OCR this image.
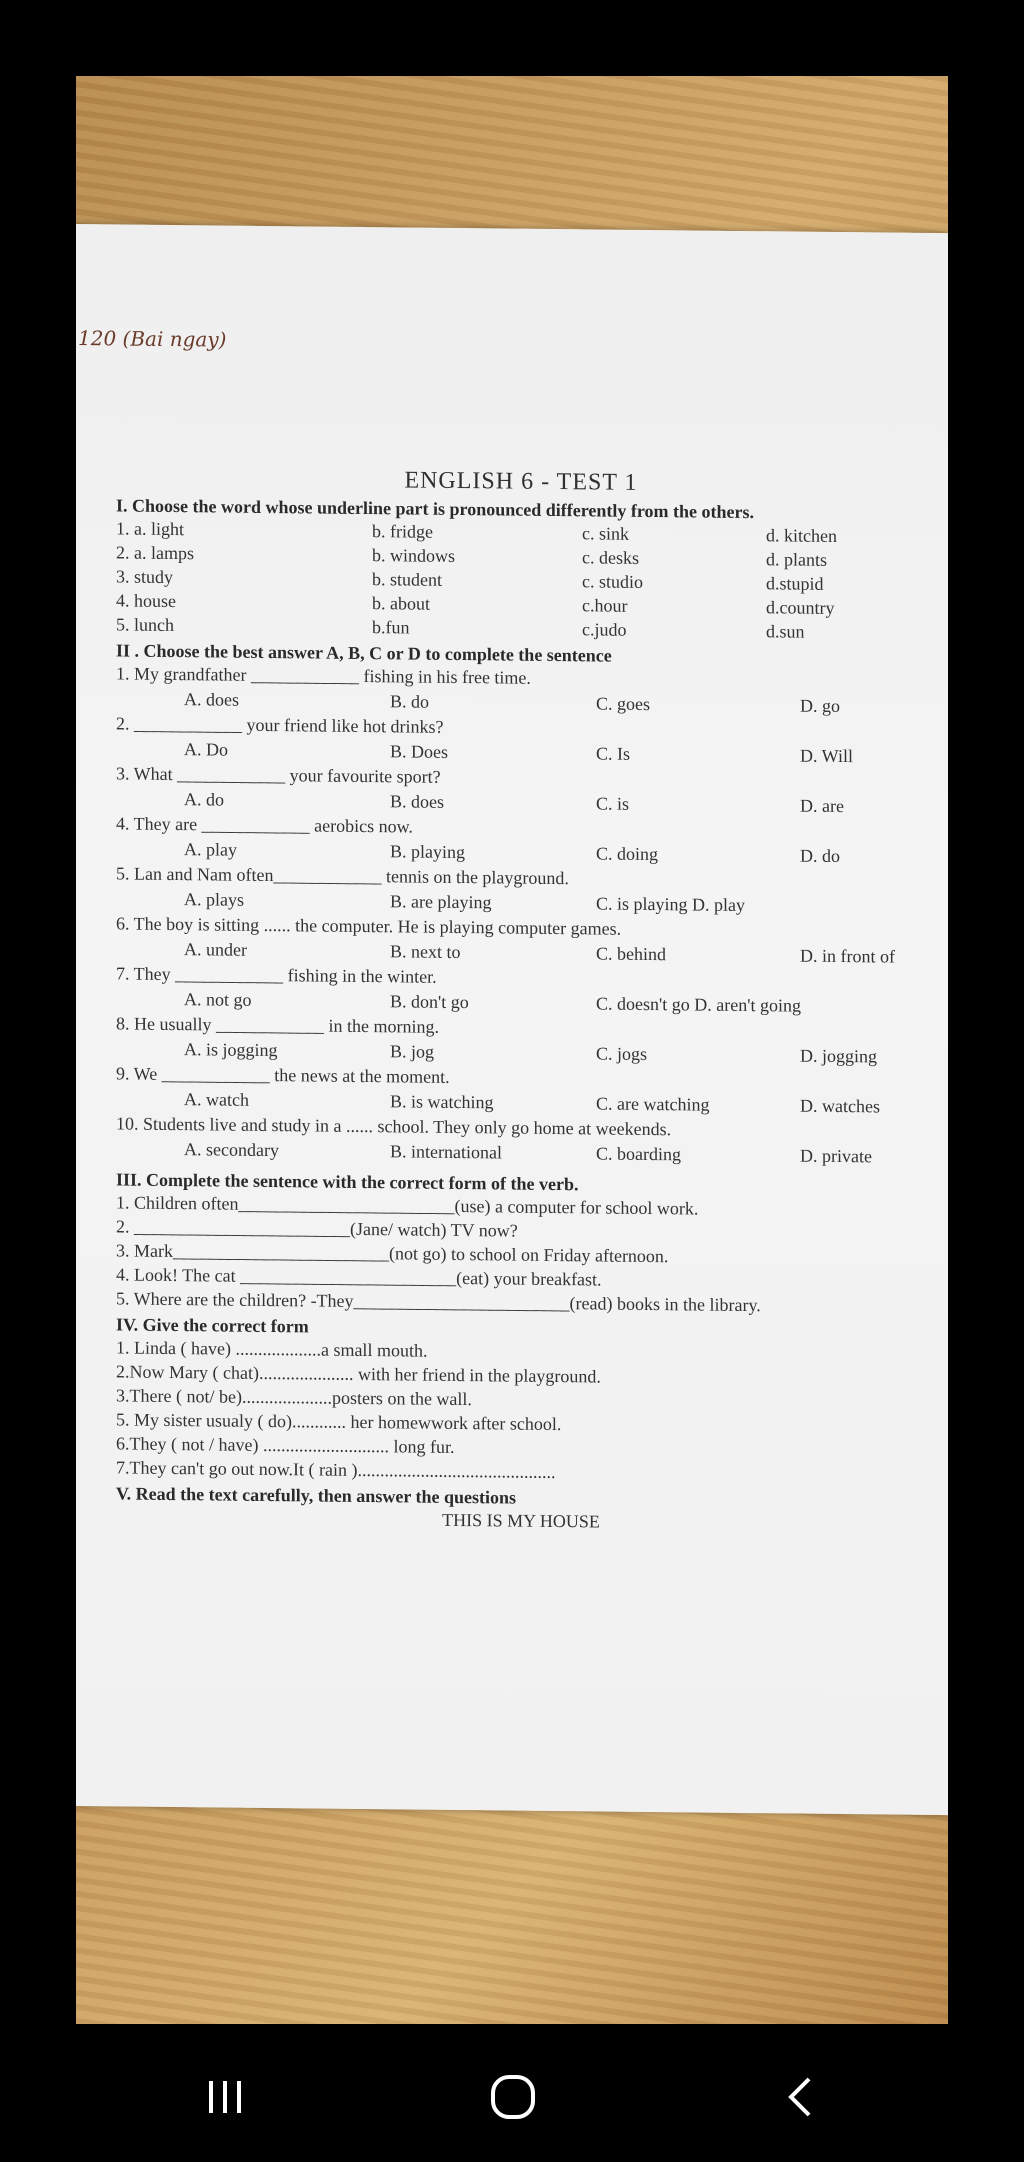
120 (Bai ngay)
ENGLISH 6 - TEST 1
I. Choose the word whose underline part is pronounced differently from the others.
1. a. light	b. fridge	c. sink	d. kitchen
2. a. lamps	b. windows	c. desks	d. plants
3. study	b. student	c. studio	d.stupid
4. house	b. about	c.hour	d.country
5. lunch	b.fun	c.judo	d.sun
II . Choose the best answer A, B, C or D to complete the sentence
1. My grandfather ____________ fishing in his free time.
A. does	B. do	C. goes	D. go
2. ____________ your friend like hot drinks?
A. Do	B. Does	C. Is	D. Will
3. What ____________ your favourite sport?
A. do	B. does	C. is	D. are
4. They are ____________ aerobics now.
A. play	B. playing	C. doing	D. do
5. Lan and Nam often____________ tennis on the playground.
A. plays	B. are playing	C. is playing D. play
6. The boy is sitting ...... the computer. He is playing computer games.
A. under	B. next to	C. behind	D. in front of
7. They ____________ fishing in the winter.
A. not go	B. don't go	C. doesn't go D. aren't going
8. He usually ____________ in the morning.
A. is jogging	B. jog	C. jogs	D. jogging
9. We ____________ the news at the moment.
A. watch	B. is watching	C. are watching	D. watches
10. Students live and study in a ...... school. They only go home at weekends.
A. secondary	B. international	C. boarding	D. private
III. Complete the sentence with the correct form of the verb.
1. Children often________________________(use) a computer for school work.
2. ________________________(Jane/ watch) TV now?
3. Mark________________________(not go) to school on Friday afternoon.
4. Look! The cat ________________________(eat) your breakfast.
5. Where are the children? -They________________________(read) books in the library.
IV. Give the correct form
1. Linda ( have) ...................a small mouth.
2.Now Mary ( chat)..................... with her friend in the playground.
3.There ( not/ be)....................posters on the wall.
5. My sister usualy ( do)............ her homewwork after school.
6.They ( not / have) ............................ long fur.
7.They can't go out now.It ( rain )............................................
V. Read the text carefully, then answer the questions
THIS IS MY HOUSE
